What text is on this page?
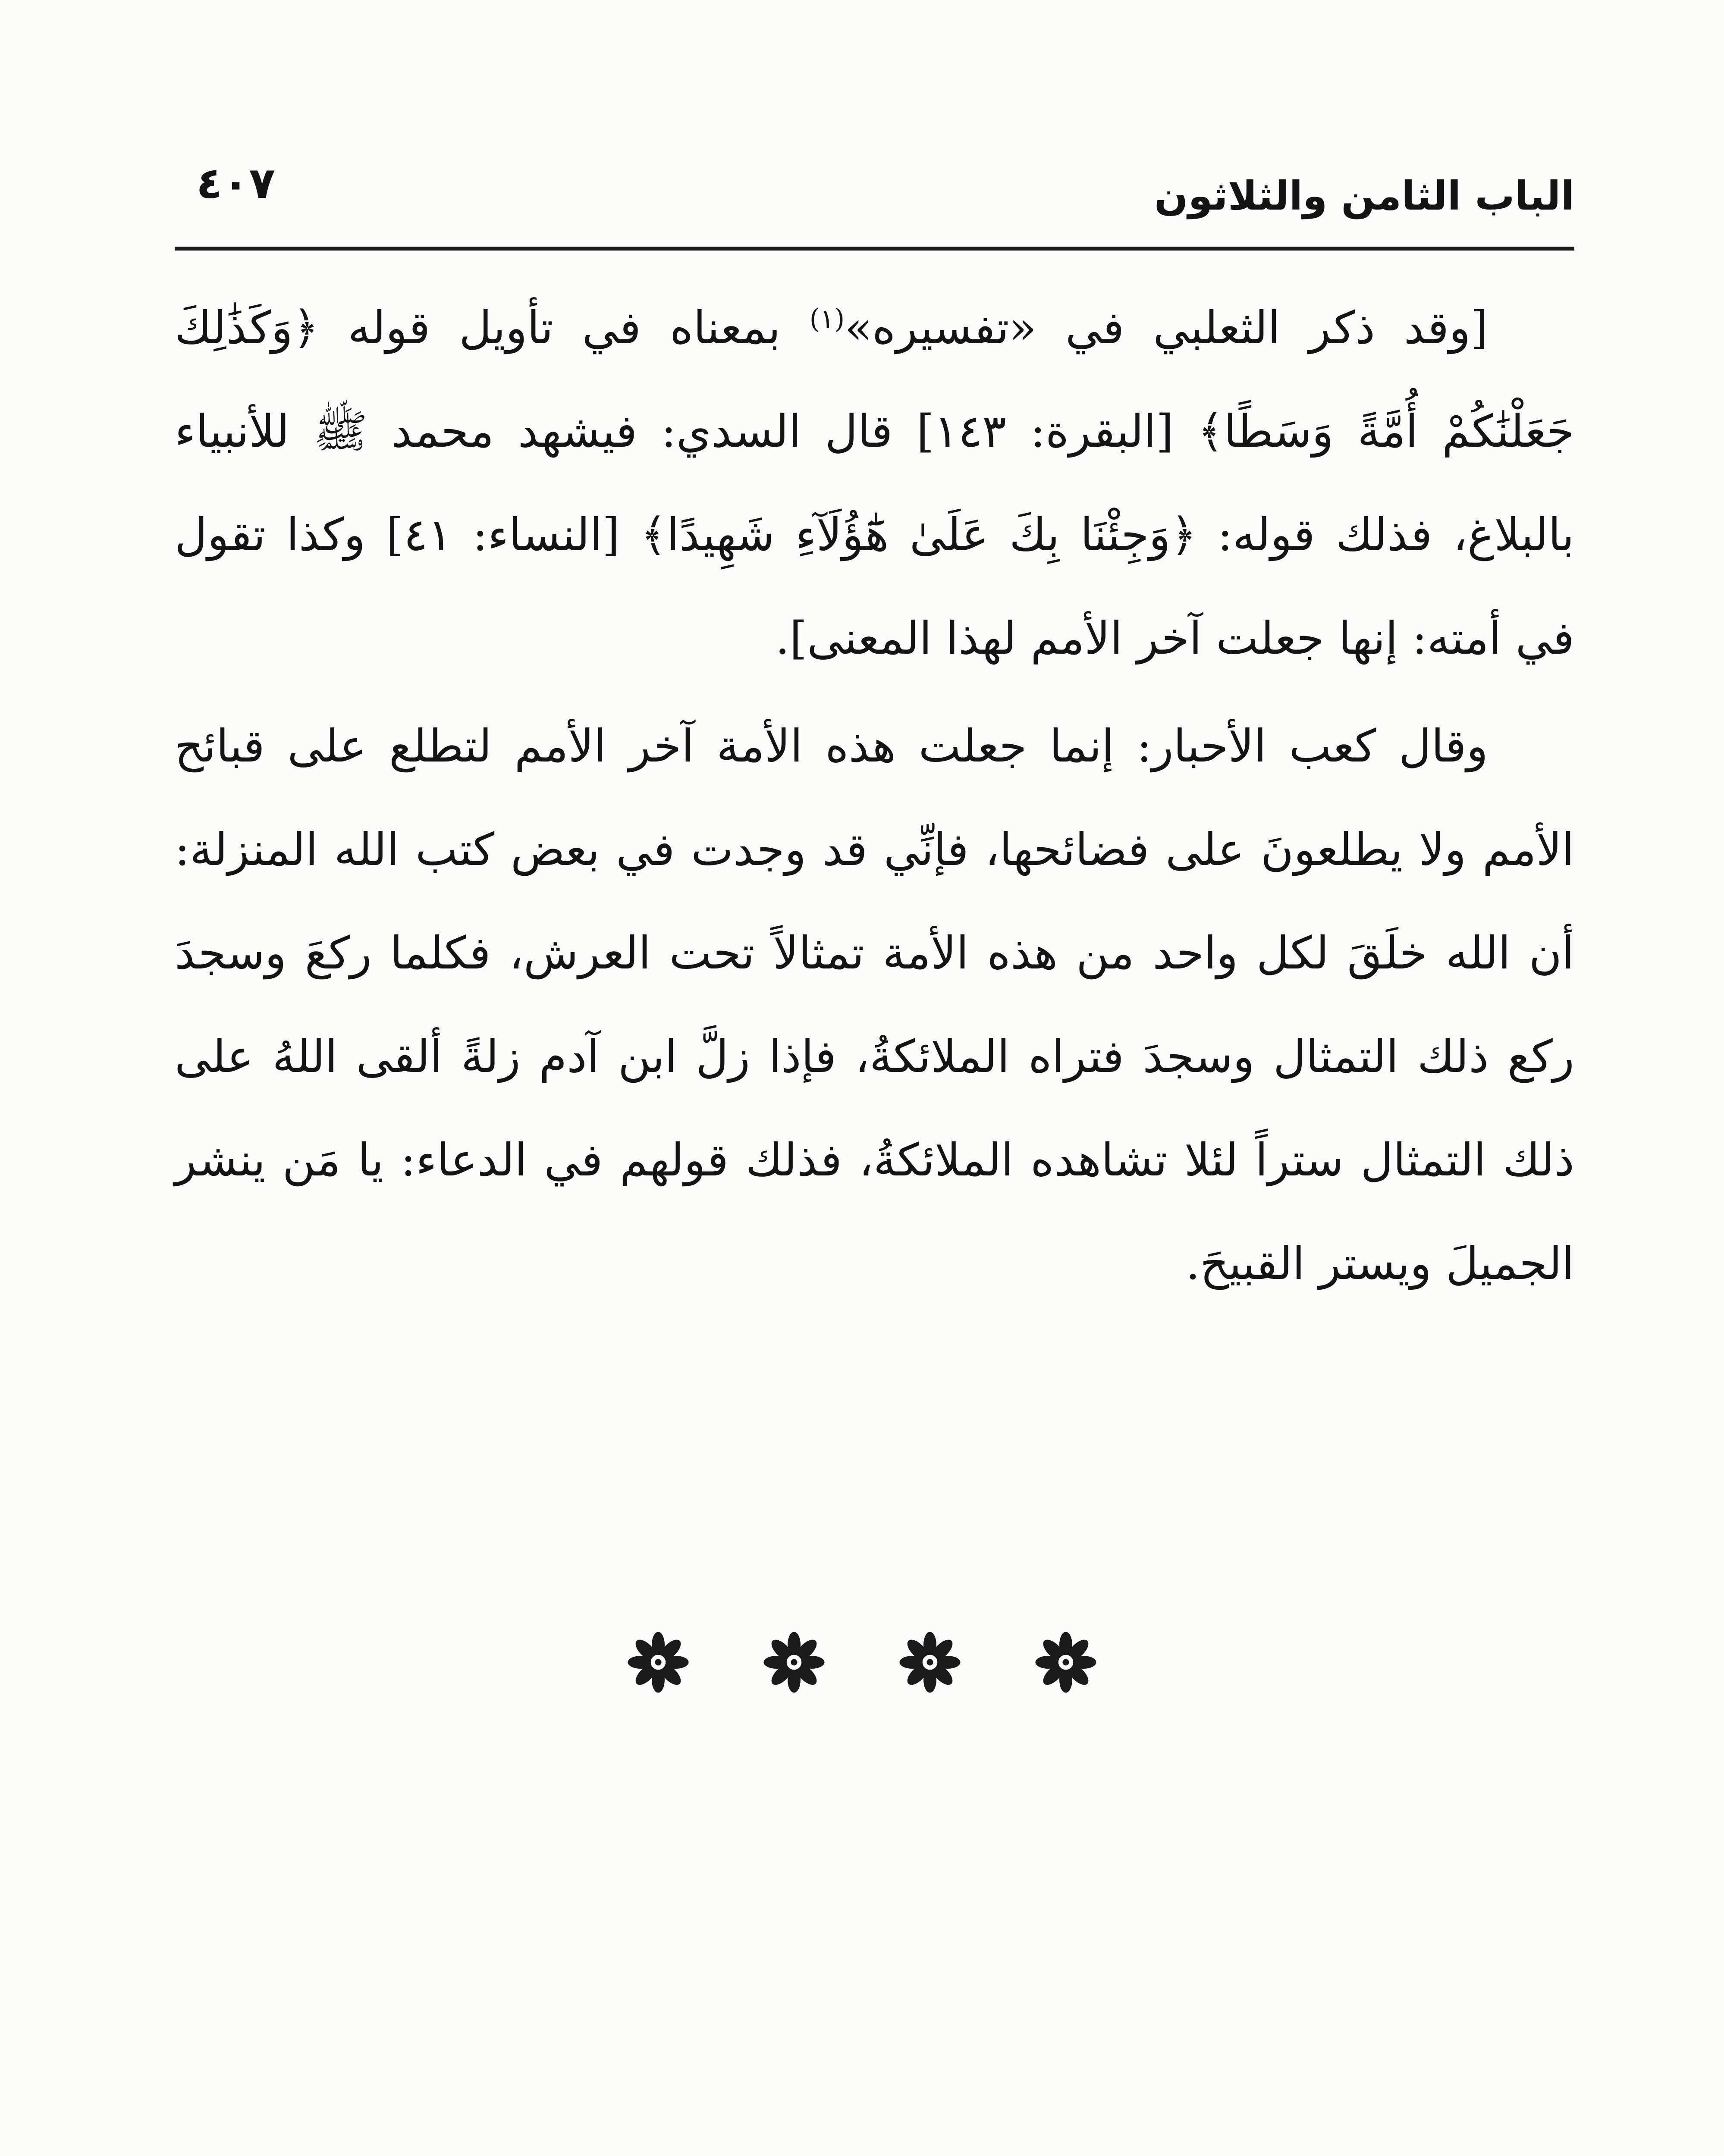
الباب الثامن والثلاثون
٤٠٧

[وقد ذكر الثعلبي في «تفسيره»$^{(١)}$ بمعناه في تأويل قوله ﴿وَكَذَٰلِكَ جَعَلْنَٰكُمْ أُمَّةً وَسَطًا﴾ [البقرة: ١٤٣] قال السدي: فيشهد محمد ﷺ للأنبياء بالبلاغ، فذلك قوله: ﴿وَجِئْنَا بِكَ عَلَىٰ هَٰٓؤُلَآءِ شَهِيدًا﴾ [النساء: ٤١] وكذا تقول في أمته: إنها جعلت آخر الأمم لهذا المعنى].

وقال كعب الأحبار: إنما جعلت هذه الأمة آخر الأمم لتطلع على قبائح الأمم ولا يطلعونَ على فضائحها، فإنِّي قد وجدت في بعض كتب الله المنزلة: أن الله خلَقَ لكل واحد من هذه الأمة تمثالاً تحت العرش، فكلما ركعَ وسجدَ ركع ذلك التمثال وسجدَ فتراه الملائكةُ، فإذا زلَّ ابن آدم زلةً ألقى اللهُ على ذلك التمثال ستراً لئلا تشاهده الملائكةُ، فذلك قولهم في الدعاء: يا مَن ينشر الجميلَ ويستر القبيحَ.
